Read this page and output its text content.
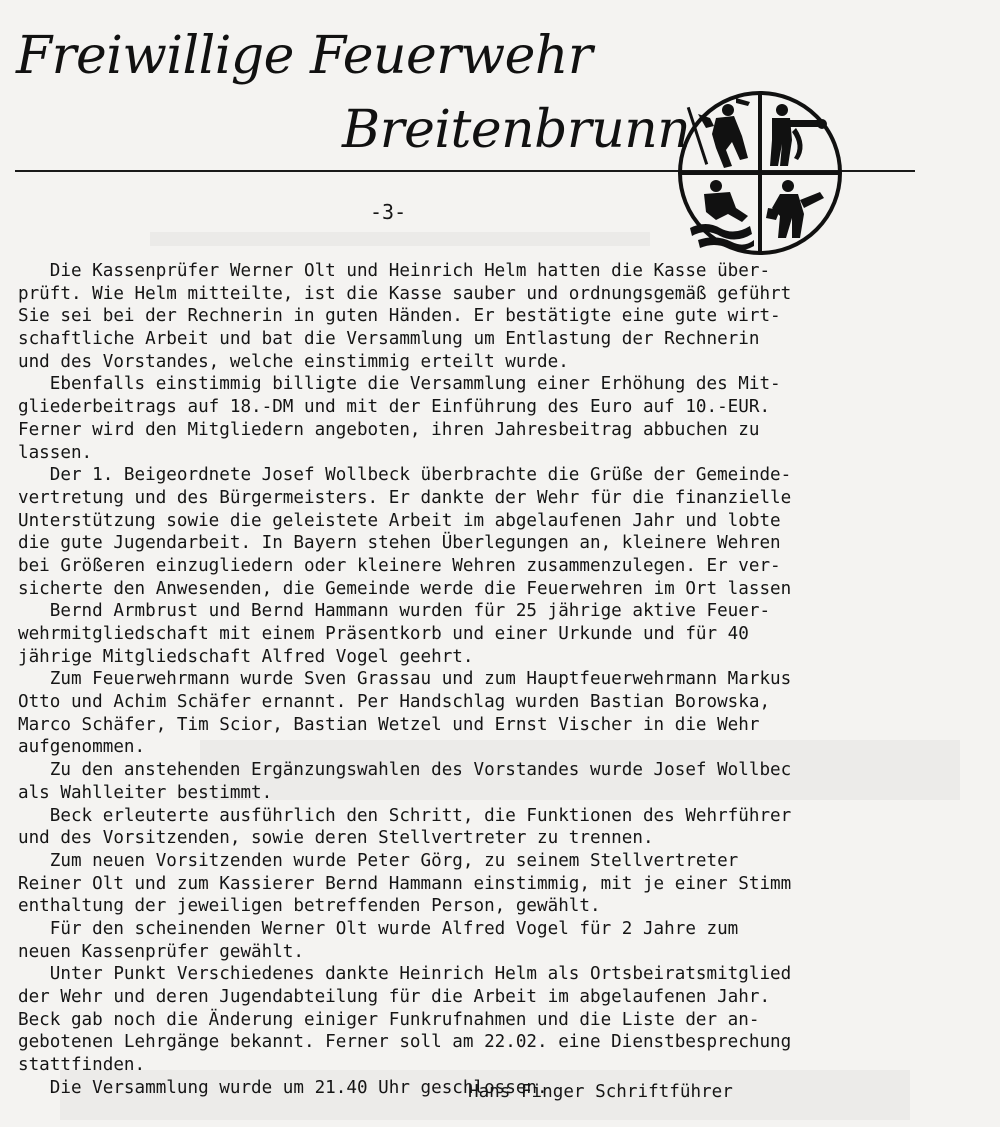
Freiwillige Feuerwehr
Breitenbrunn
-3-
Die Kassenprüfer Werner Olt und Heinrich Helm hatten die Kasse über-
prüft. Wie Helm mitteilte, ist die Kasse sauber und ordnungsgemäß geführt
Sie sei bei der Rechnerin in guten Händen. Er bestätigte eine gute wirt-
schaftliche Arbeit und bat die Versammlung um Entlastung der Rechnerin
und des Vorstandes, welche einstimmig erteilt wurde.
Ebenfalls einstimmig billigte die Versammlung einer Erhöhung des Mit-
gliederbeitrags auf 18.-DM und mit der Einführung des Euro auf 10.-EUR.
Ferner wird den Mitgliedern angeboten, ihren Jahresbeitrag abbuchen zu
lassen.
Der 1. Beigeordnete Josef Wollbeck überbrachte die Grüße der Gemeinde-
vertretung und des Bürgermeisters. Er dankte der Wehr für die finanzielle
Unterstützung sowie die geleistete Arbeit im abgelaufenen Jahr und lobte
die gute Jugendarbeit. In Bayern stehen Überlegungen an, kleinere Wehren
bei Größeren einzugliedern oder kleinere Wehren zusammenzulegen. Er ver-
sicherte den Anwesenden, die Gemeinde werde die Feuerwehren im Ort lassen
Bernd Armbrust und Bernd Hammann wurden für 25 jährige aktive Feuer-
wehrmitgliedschaft mit einem Präsentkorb und einer Urkunde und für 40
jährige Mitgliedschaft Alfred Vogel geehrt.
Zum Feuerwehrmann wurde Sven Grassau und zum Hauptfeuerwehrmann Markus
Otto und Achim Schäfer ernannt. Per Handschlag wurden Bastian Borowska,
Marco Schäfer, Tim Scior, Bastian Wetzel und Ernst Vischer in die Wehr
aufgenommen.
Zu den anstehenden Ergänzungswahlen des Vorstandes wurde Josef Wollbec
als Wahlleiter bestimmt.
Beck erleuterte ausführlich den Schritt, die Funktionen des Wehrführer
und des Vorsitzenden, sowie deren Stellvertreter zu trennen.
Zum neuen Vorsitzenden wurde Peter Görg, zu seinem Stellvertreter
Reiner Olt und zum Kassierer Bernd Hammann einstimmig, mit je einer Stimm
enthaltung der jeweiligen betreffenden Person, gewählt.
Für den scheinenden Werner Olt wurde Alfred Vogel für 2 Jahre zum
neuen Kassenprüfer gewählt.
Unter Punkt Verschiedenes dankte Heinrich Helm als Ortsbeiratsmitglied
der Wehr und deren Jugendabteilung für die Arbeit im abgelaufenen Jahr.
Beck gab noch die Änderung einiger Funkrufnahmen und die Liste der an-
gebotenen Lehrgänge bekannt. Ferner soll am 22.02. eine Dienstbesprechung
stattfinden.
Die Versammlung wurde um 21.40 Uhr geschlossen.
Hans Finger Schriftführer
